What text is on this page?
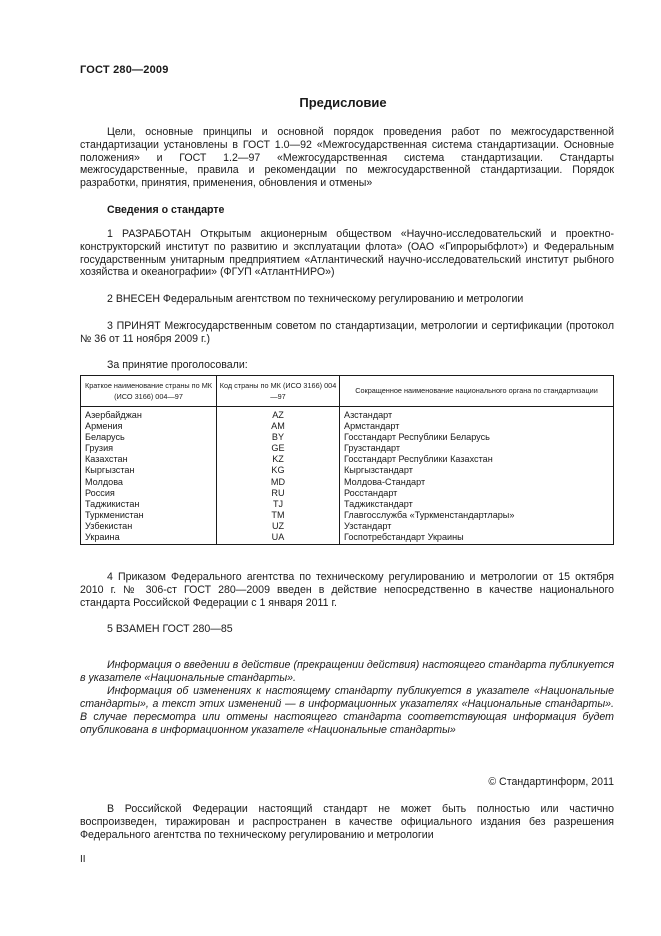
ГОСТ 280—2009
Предисловие

Цели, основные принципы и основной порядок проведения работ по межгосударственной стандартизации установлены в ГОСТ 1.0—92 «Межгосударственная система стандартизации. Основные положения» и ГОСТ 1.2—97 «Межгосударственная система стандартизации. Стандарты межгосударственные, правила и рекомендации по межгосударственной стандартизации. Порядок разработки, принятия, применения, обновления и отмены»

Сведения о стандарте

1 РАЗРАБОТАН Открытым акционерным обществом «Научно-исследовательский и проектно-конструкторский институт по развитию и эксплуатации флота» (ОАО «Гипрорыбфлот») и Федеральным государственным унитарным предприятием «Атлантический научно-исследовательский институт рыбного хозяйства и океанографии» (ФГУП «АтлантНИРО»)

2 ВНЕСЕН Федеральным агентством по техническому регулированию и метрологии

3 ПРИНЯТ Межгосударственным советом по стандартизации, метрологии и сертификации (протокол № 36 от 11 ноября 2009 г.)

За принятие проголосовали:
Краткое наименование страны по МК (ИСО 3166) 004—97	Код страны по МК (ИСО 3166) 004—97	Сокращенное наименование национального органа по стандартизации
Азербайджан	AZ	Азстандарт
Армения	AM	Армстандарт
Беларусь	BY	Госстандарт Республики Беларусь
Грузия	GE	Грузстандарт
Казахстан	KZ	Госстандарт Республики Казахстан
Кыргызстан	KG	Кыргызстандарт
Молдова	MD	Молдова-Стандарт
Россия	RU	Росстандарт
Таджикистан	TJ	Таджикстандарт
Туркменистан	TM	Главгосслужба «Туркменстандартлары»
Узбекистан	UZ	Узстандарт
Украина	UA	Госпотребстандарт Украины

4 Приказом Федерального агентства по техническому регулированию и метрологии от 15 октября 2010 г. № 306-ст ГОСТ 280—2009 введен в действие непосредственно в качестве национального стандарта Российской Федерации с 1 января 2011 г.

5 ВЗАМЕН ГОСТ 280—85

Информация о введении в действие (прекращении действия) настоящего стандарта публикуется в указателе «Национальные стандарты».

Информация об изменениях к настоящему стандарту публикуется в указателе «Национальные стандарты», а текст этих изменений — в информационных указателях «Национальные стандарты». В случае пересмотра или отмены настоящего стандарта соответствующая информация будет опубликована в информационном указателе «Национальные стандарты»

© Стандартинформ, 2011

В Российской Федерации настоящий стандарт не может быть полностью или частично воспроизведен, тиражирован и распространен в качестве официального издания без разрешения Федерального агентства по техническому регулированию и метрологии

II
